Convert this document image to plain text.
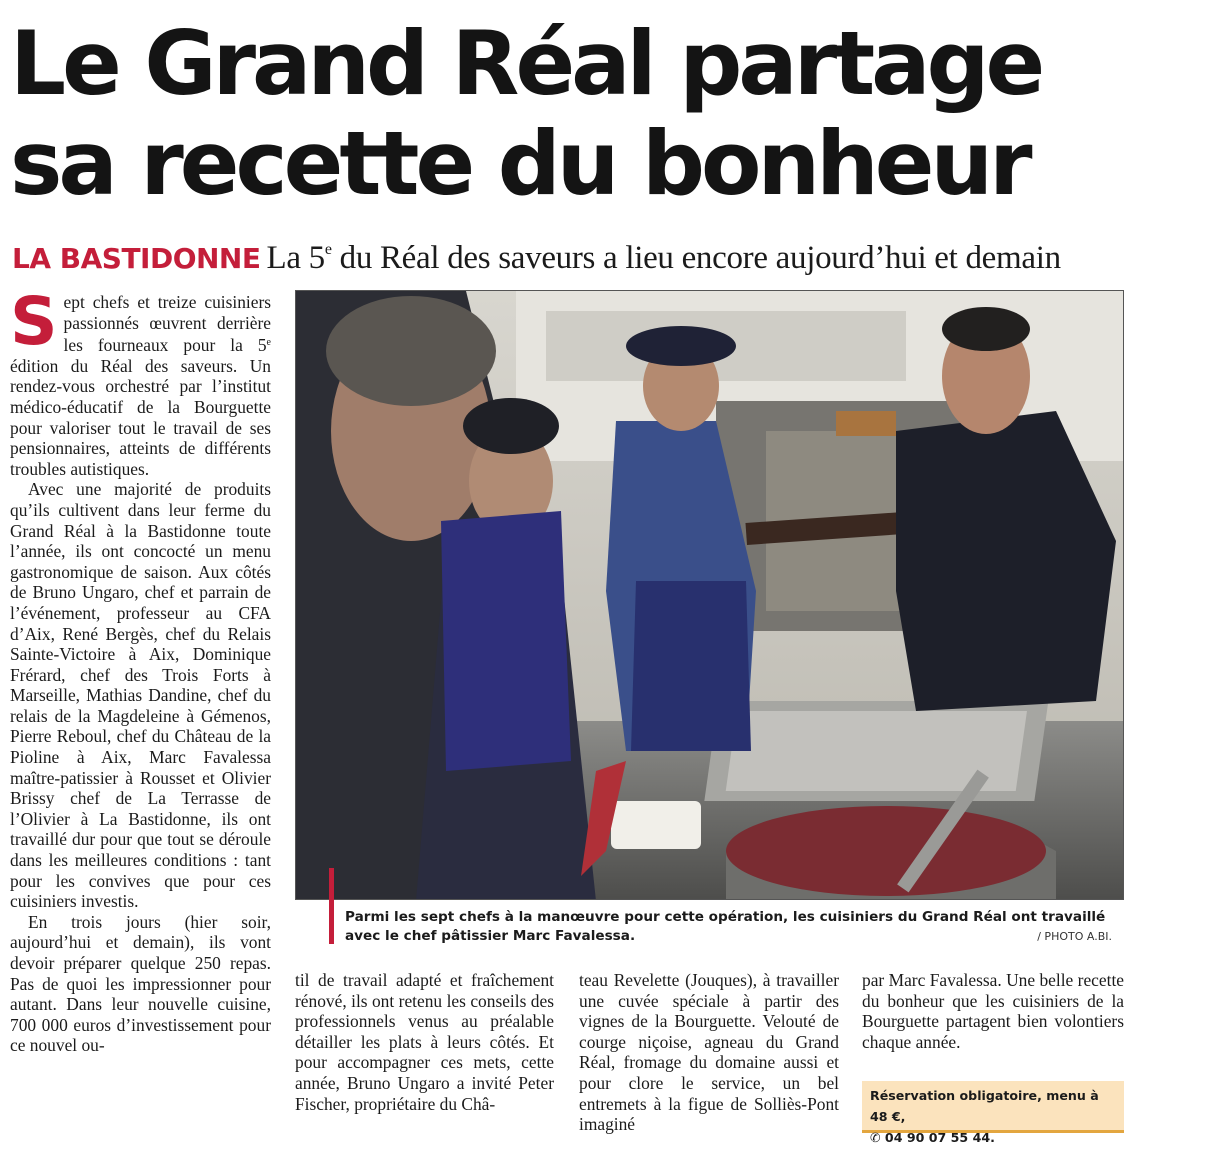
Le Grand Réal partage
sa recette du bonheur
LA BASTIDONNE La 5e du Réal des saveurs a lieu encore aujourd’hui et demain

Sept chefs et treize cuisiniers passionnés œuvrent derrière les fourneaux pour la 5e édition du Réal des saveurs. Un rendez-vous orchestré par l’institut médico-éducatif de la Bourguette pour valoriser tout le travail de ses pensionnaires, atteints de différents troubles autistiques.

Avec une majorité de produits qu’ils cultivent dans leur ferme du Grand Réal à la Bastidonne toute l’année, ils ont concocté un menu gastronomique de saison. Aux côtés de Bruno Ungaro, chef et parrain de l’événement, professeur au CFA d’Aix, René Bergès, chef du Relais Sainte-Victoire à Aix, Dominique Frérard, chef des Trois Forts à Marseille, Mathias Dandine, chef du relais de la Magdeleine à Gémenos, Pierre Reboul, chef du Château de la Pioline à Aix, Marc Favalessa maître-patissier à Rousset et Olivier Brissy chef de La Terrasse de l’Olivier à La Bastidonne, ils ont travaillé dur pour que tout se déroule dans les meilleures conditions : tant pour les convives que pour ces cuisiniers investis.

En trois jours (hier soir, aujourd’hui et demain), ils vont devoir préparer quelque 250 repas. Pas de quoi les impressionner pour autant. Dans leur nouvelle cuisine, 700 000 euros d’investissement pour ce nouvel ou-

Parmi les sept chefs à la manœuvre pour cette opération, les cuisiniers du Grand Réal ont travaillé avec le chef pâtissier Marc Favalessa.	/ PHOTO A.BI.

til de travail adapté et fraîchement rénové, ils ont retenu les conseils des professionnels venus au préalable détailler les plats à leurs côtés. Et pour accompagner ces mets, cette année, Bruno Ungaro a invité Peter Fischer, propriétaire du Châ-

teau Revelette (Jouques), à travailler une cuvée spéciale à partir des vignes de la Bourguette. Velouté de courge niçoise, agneau du Grand Réal, fromage du domaine aussi et pour clore le service, un bel entremets à la figue de Solliès-Pont imaginé

par Marc Favalessa. Une belle recette du bonheur que les cuisiniers de la Bourguette partagent bien volontiers chaque année.

Réservation obligatoire, menu à 48 €,
✆ 04 90 07 55 44.
